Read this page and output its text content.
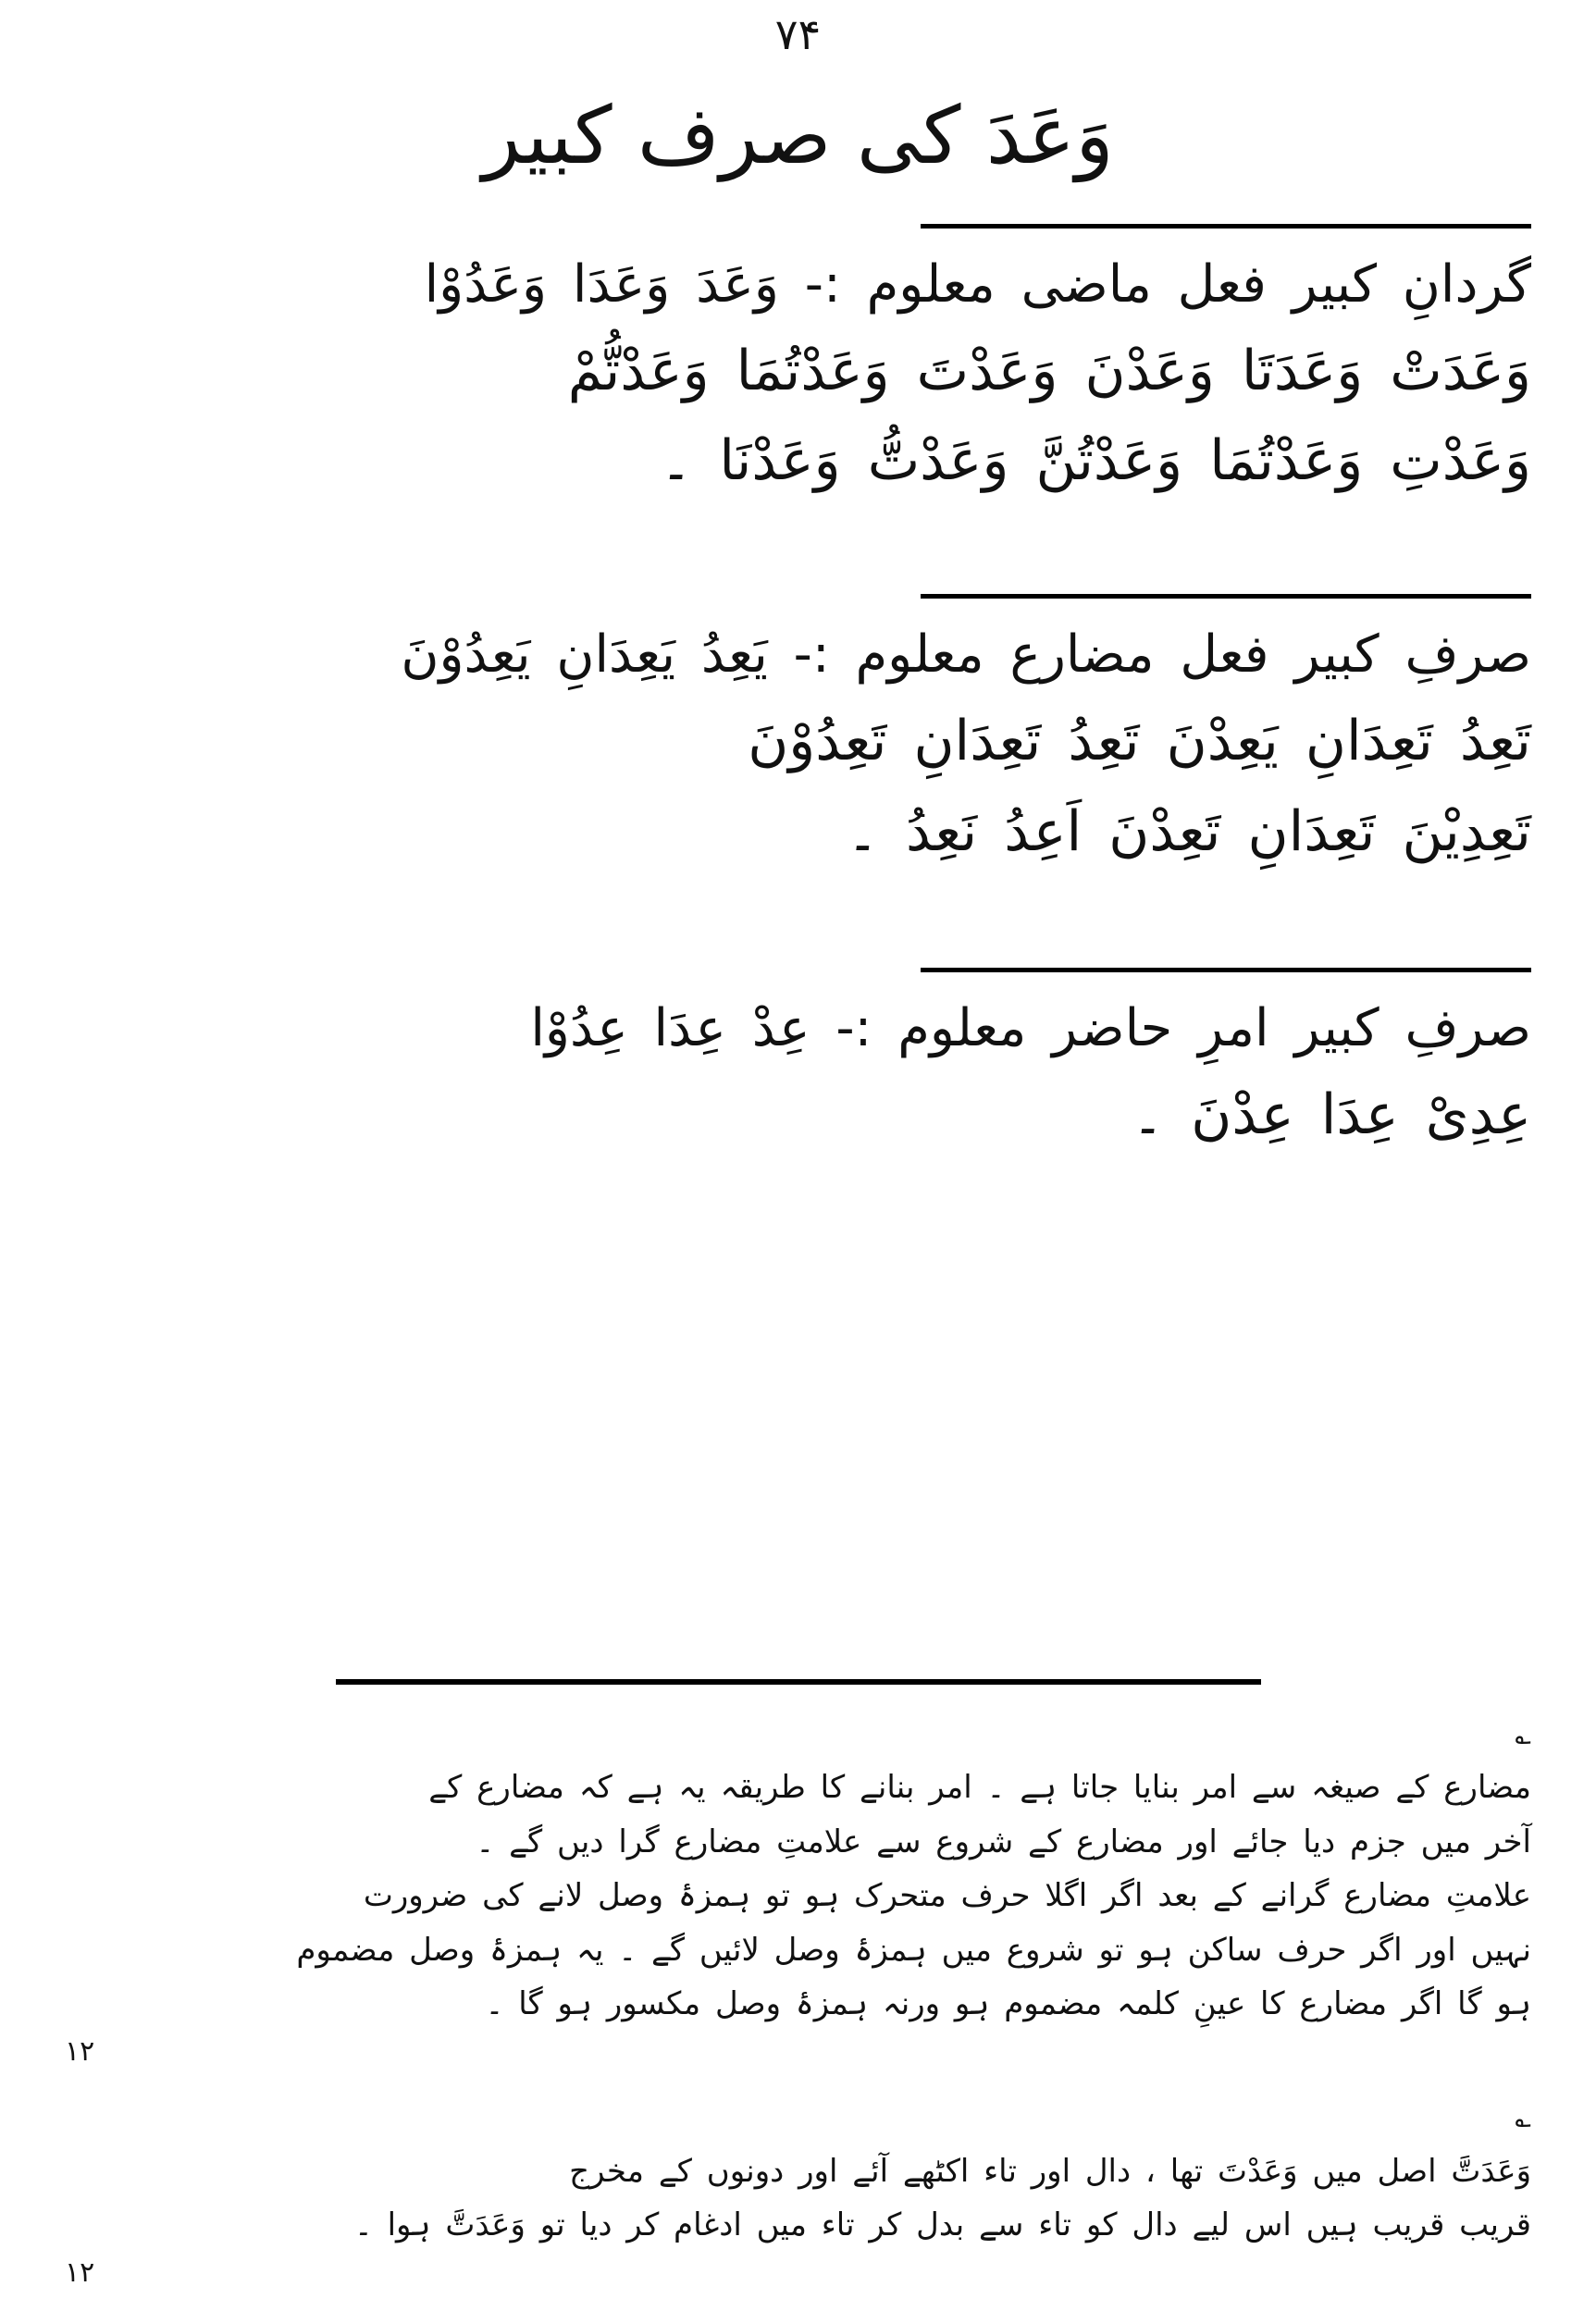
۷۴
وَعَدَ کی صرف کبیر
گردانِ کبیر فعل ماضی معلوم :- وَعَدَ وَعَدَا وَعَدُوْا
وَعَدَتْ وَعَدَتَا وَعَدْنَ وَعَدْتَ وَعَدْتُمَا وَعَدْتُّمْ
وَعَدْتِ وَعَدْتُمَا وَعَدْتُنَّ وَعَدْتُّ وَعَدْنَا ۔
صرفِ کبیر فعل مضارع معلوم :- یَعِدُ یَعِدَانِ یَعِدُوْنَ
تَعِدُ تَعِدَانِ یَعِدْنَ تَعِدُ تَعِدَانِ تَعِدُوْنَ
تَعِدِیْنَ تَعِدَانِ تَعِدْنَ اَعِدُ نَعِدُ ۔
صرفِ کبیر امرِ حاضر معلوم :- عِدْ عِدَا عِدُوْا
عِدِیْ عِدَا عِدْنَ ۔
؎
مضارع کے صیغہ سے امر بنایا جاتا ہے ۔ امر بنانے کا طریقہ یہ ہے کہ مضارع کے
آخر میں جزم دیا جائے اور مضارع کے شروع سے علامتِ مضارع گرا دیں گے ۔
علامتِ مضارع گرانے کے بعد اگر اگلا حرف متحرک ہو تو ہمزۂ وصل لانے کی ضرورت
نہیں اور اگر حرف ساکن ہو تو شروع میں ہمزۂ وصل لائیں گے ۔ یہ ہمزۂ وصل مضموم
ہو گا اگر مضارع کا عینِ کلمہ مضموم ہو ورنہ ہمزۂ وصل مکسور ہو گا ۔
۱۲
؎
وَعَدَتَّ اصل میں وَعَدْتَ تھا ، دال اور تاء اکٹھے آئے اور دونوں کے مخرج
قریب قریب ہیں اس لیے دال کو تاء سے بدل کر تاء میں ادغام کر دیا تو وَعَدَتَّ ہوا ۔
۱۲
